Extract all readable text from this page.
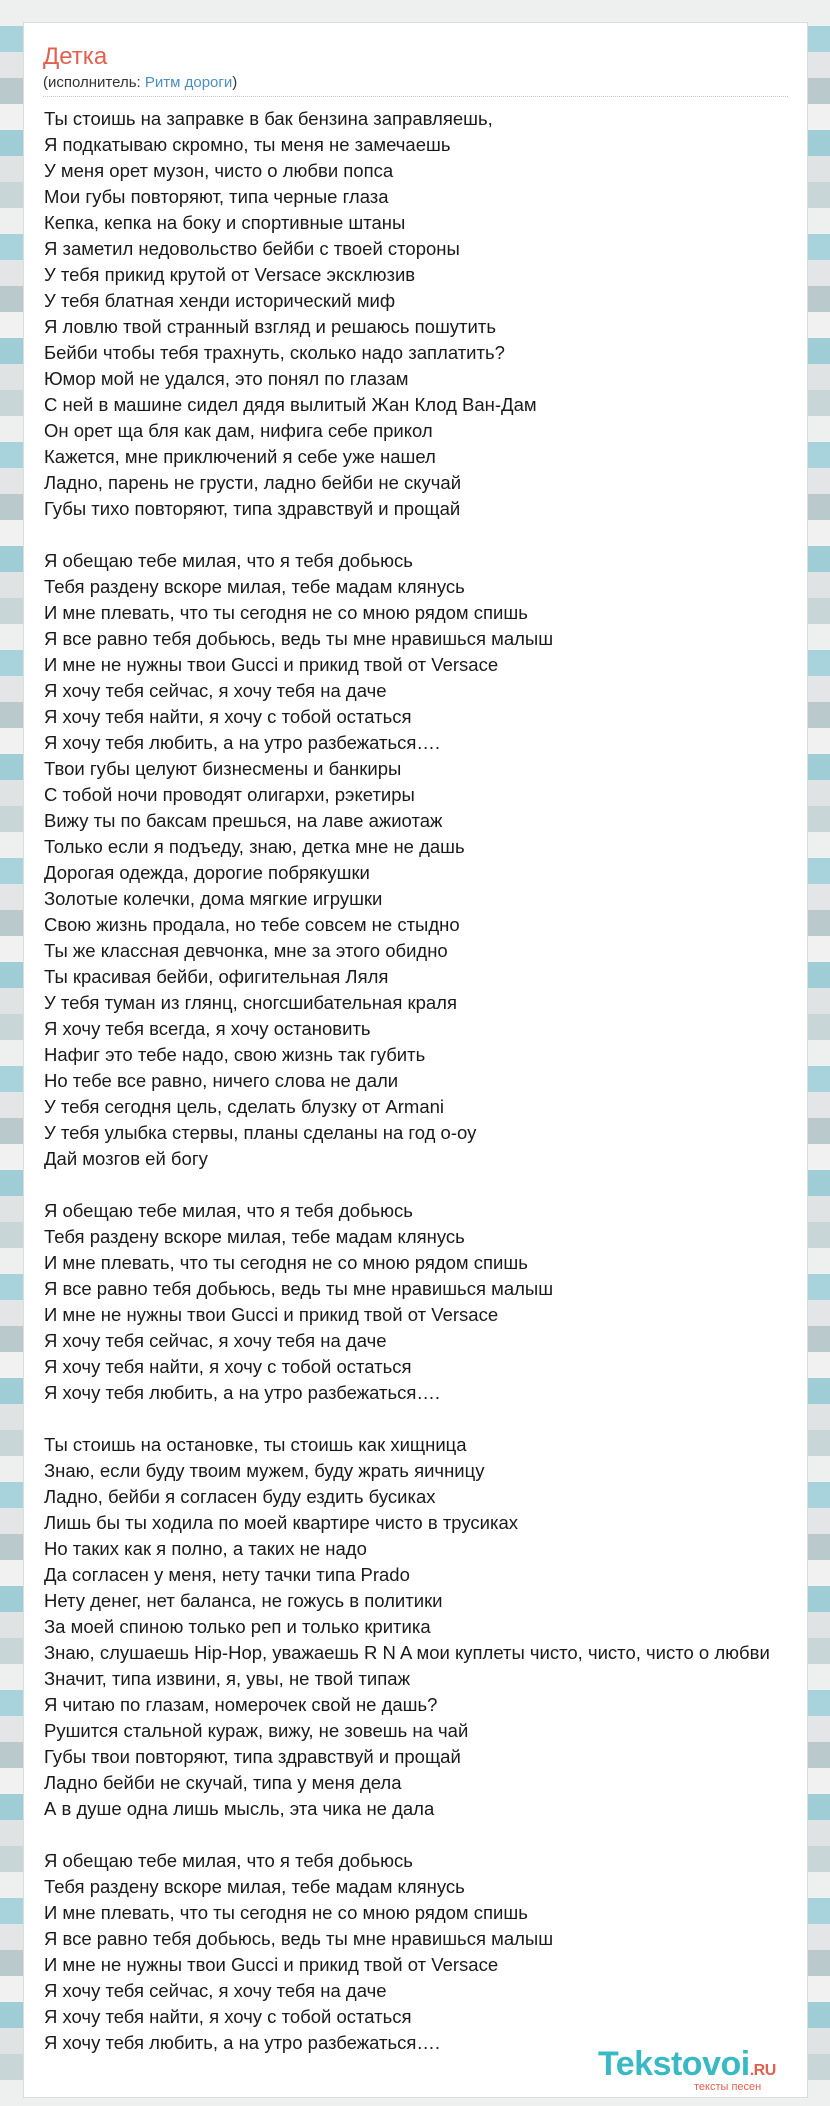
Детка
(исполнитель: Ритм дороги)
Ты стоишь на заправке в бак бензина заправляешь,
Я подкатываю скромно, ты меня не замечаешь
У меня орет музон, чисто о любви попса
Мои губы повторяют, типа черные глаза
Кепка, кепка на боку и спортивные штаны
Я заметил недовольство бейби с твоей стороны
У тебя прикид крутой от Versace эксклюзив
У тебя блатная хенди исторический миф
Я ловлю твой странный взгляд и решаюсь пошутить
Бейби чтобы тебя трахнуть, сколько надо заплатить?
Юмор мой не удался, это понял по глазам
С ней в машине сидел дядя вылитый Жан Клод Ван-Дам
Он орет ща бля как дам, нифига себе прикол
Кажется, мне приключений я себе уже нашел
Ладно, парень не грусти, ладно бейби не скучай
Губы тихо повторяют, типа здравствуй и прощай
Я обещаю тебе милая, что я тебя добьюсь
Тебя раздену вскоре милая, тебе мадам клянусь
И мне плевать, что ты сегодня не со мною рядом спишь
Я все равно тебя добьюсь, ведь ты мне нравишься малыш
И мне не нужны твои Gucci и прикид твой от Versace
Я хочу тебя сейчас, я хочу тебя на даче
Я хочу тебя найти, я хочу с тобой остаться
Я хочу тебя любить, а на утро разбежаться….
Твои губы целуют бизнесмены и банкиры
С тобой ночи проводят олигархи, рэкетиры
Вижу ты по баксам прешься, на лаве ажиотаж
Только если я подъеду, знаю, детка мне не дашь
Дорогая одежда, дорогие побрякушки
Золотые колечки, дома мягкие игрушки
Свою жизнь продала, но тебе совсем не стыдно
Ты же классная девчонка, мне за этого обидно
Ты красивая бейби, офигительная Ляля
У тебя туман из глянц, сногсшибательная краля
Я хочу тебя всегда, я хочу остановить
Нафиг это тебе надо, свою жизнь так губить
Но тебе все равно, ничего слова не дали
У тебя сегодня цель, сделать блузку от Armani
У тебя улыбка стервы, планы сделаны на год о-оу
Дай мозгов ей богу
Я обещаю тебе милая, что я тебя добьюсь
Тебя раздену вскоре милая, тебе мадам клянусь
И мне плевать, что ты сегодня не со мною рядом спишь
Я все равно тебя добьюсь, ведь ты мне нравишься малыш
И мне не нужны твои Gucci и прикид твой от Versace
Я хочу тебя сейчас, я хочу тебя на даче
Я хочу тебя найти, я хочу с тобой остаться
Я хочу тебя любить, а на утро разбежаться….
Ты стоишь на остановке, ты стоишь как хищница
Знаю, если буду твоим мужем, буду жрать яичницу
Ладно, бейби я согласен буду ездить бусиках
Лишь бы ты ходила по моей квартире чисто в трусиках
Но таких как я полно, а таких не надо
Да согласен у меня, нету тачки типа Prado
Нету денег, нет баланса, не гожусь в политики
За моей спиною только реп и только критика
Знаю, слушаешь Hip-Hop, уважаешь R N A мои куплеты чисто, чисто, чисто о любви
Значит, типа извини, я, увы, не твой типаж
Я читаю по глазам, номерочек свой не дашь?
Рушится стальной кураж, вижу, не зовешь на чай
Губы твои повторяют, типа здравствуй и прощай
Ладно бейби не скучай, типа у меня дела
А в душе одна лишь мысль, эта чика не дала
Я обещаю тебе милая, что я тебя добьюсь
Тебя раздену вскоре милая, тебе мадам клянусь
И мне плевать, что ты сегодня не со мною рядом спишь
Я все равно тебя добьюсь, ведь ты мне нравишься малыш
И мне не нужны твои Gucci и прикид твой от Versace
Я хочу тебя сейчас, я хочу тебя на даче
Я хочу тебя найти, я хочу с тобой остаться
Я хочу тебя любить, а на утро разбежаться….
Tekstovoi.RU
тексты песен
